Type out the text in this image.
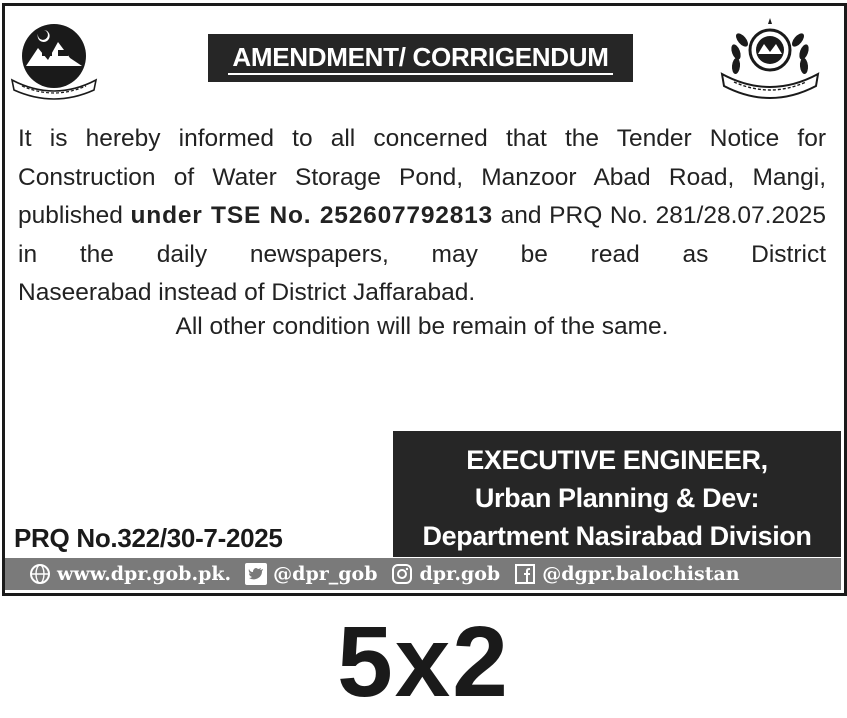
AMENDMENT/ CORRIGENDUM

It is hereby informed to all concerned that the Tender Notice for Construction of Water Storage Pond, Manzoor Abad Road, Mangi, published under TSE No. 252607792813 and PRQ No. 281/28.07.2025 in the daily newspapers, may be read as District

Naseerabad instead of District Jaffarabad.

All other condition will be remain of the same.
EXECUTIVE ENGINEER,
Urban Planning & Dev:
Department Nasirabad Division
PRQ No.322/30-7-2025
www.dpr.gob.pk. @dpr_gob dpr.gob @dgpr.balochistan
5x2
